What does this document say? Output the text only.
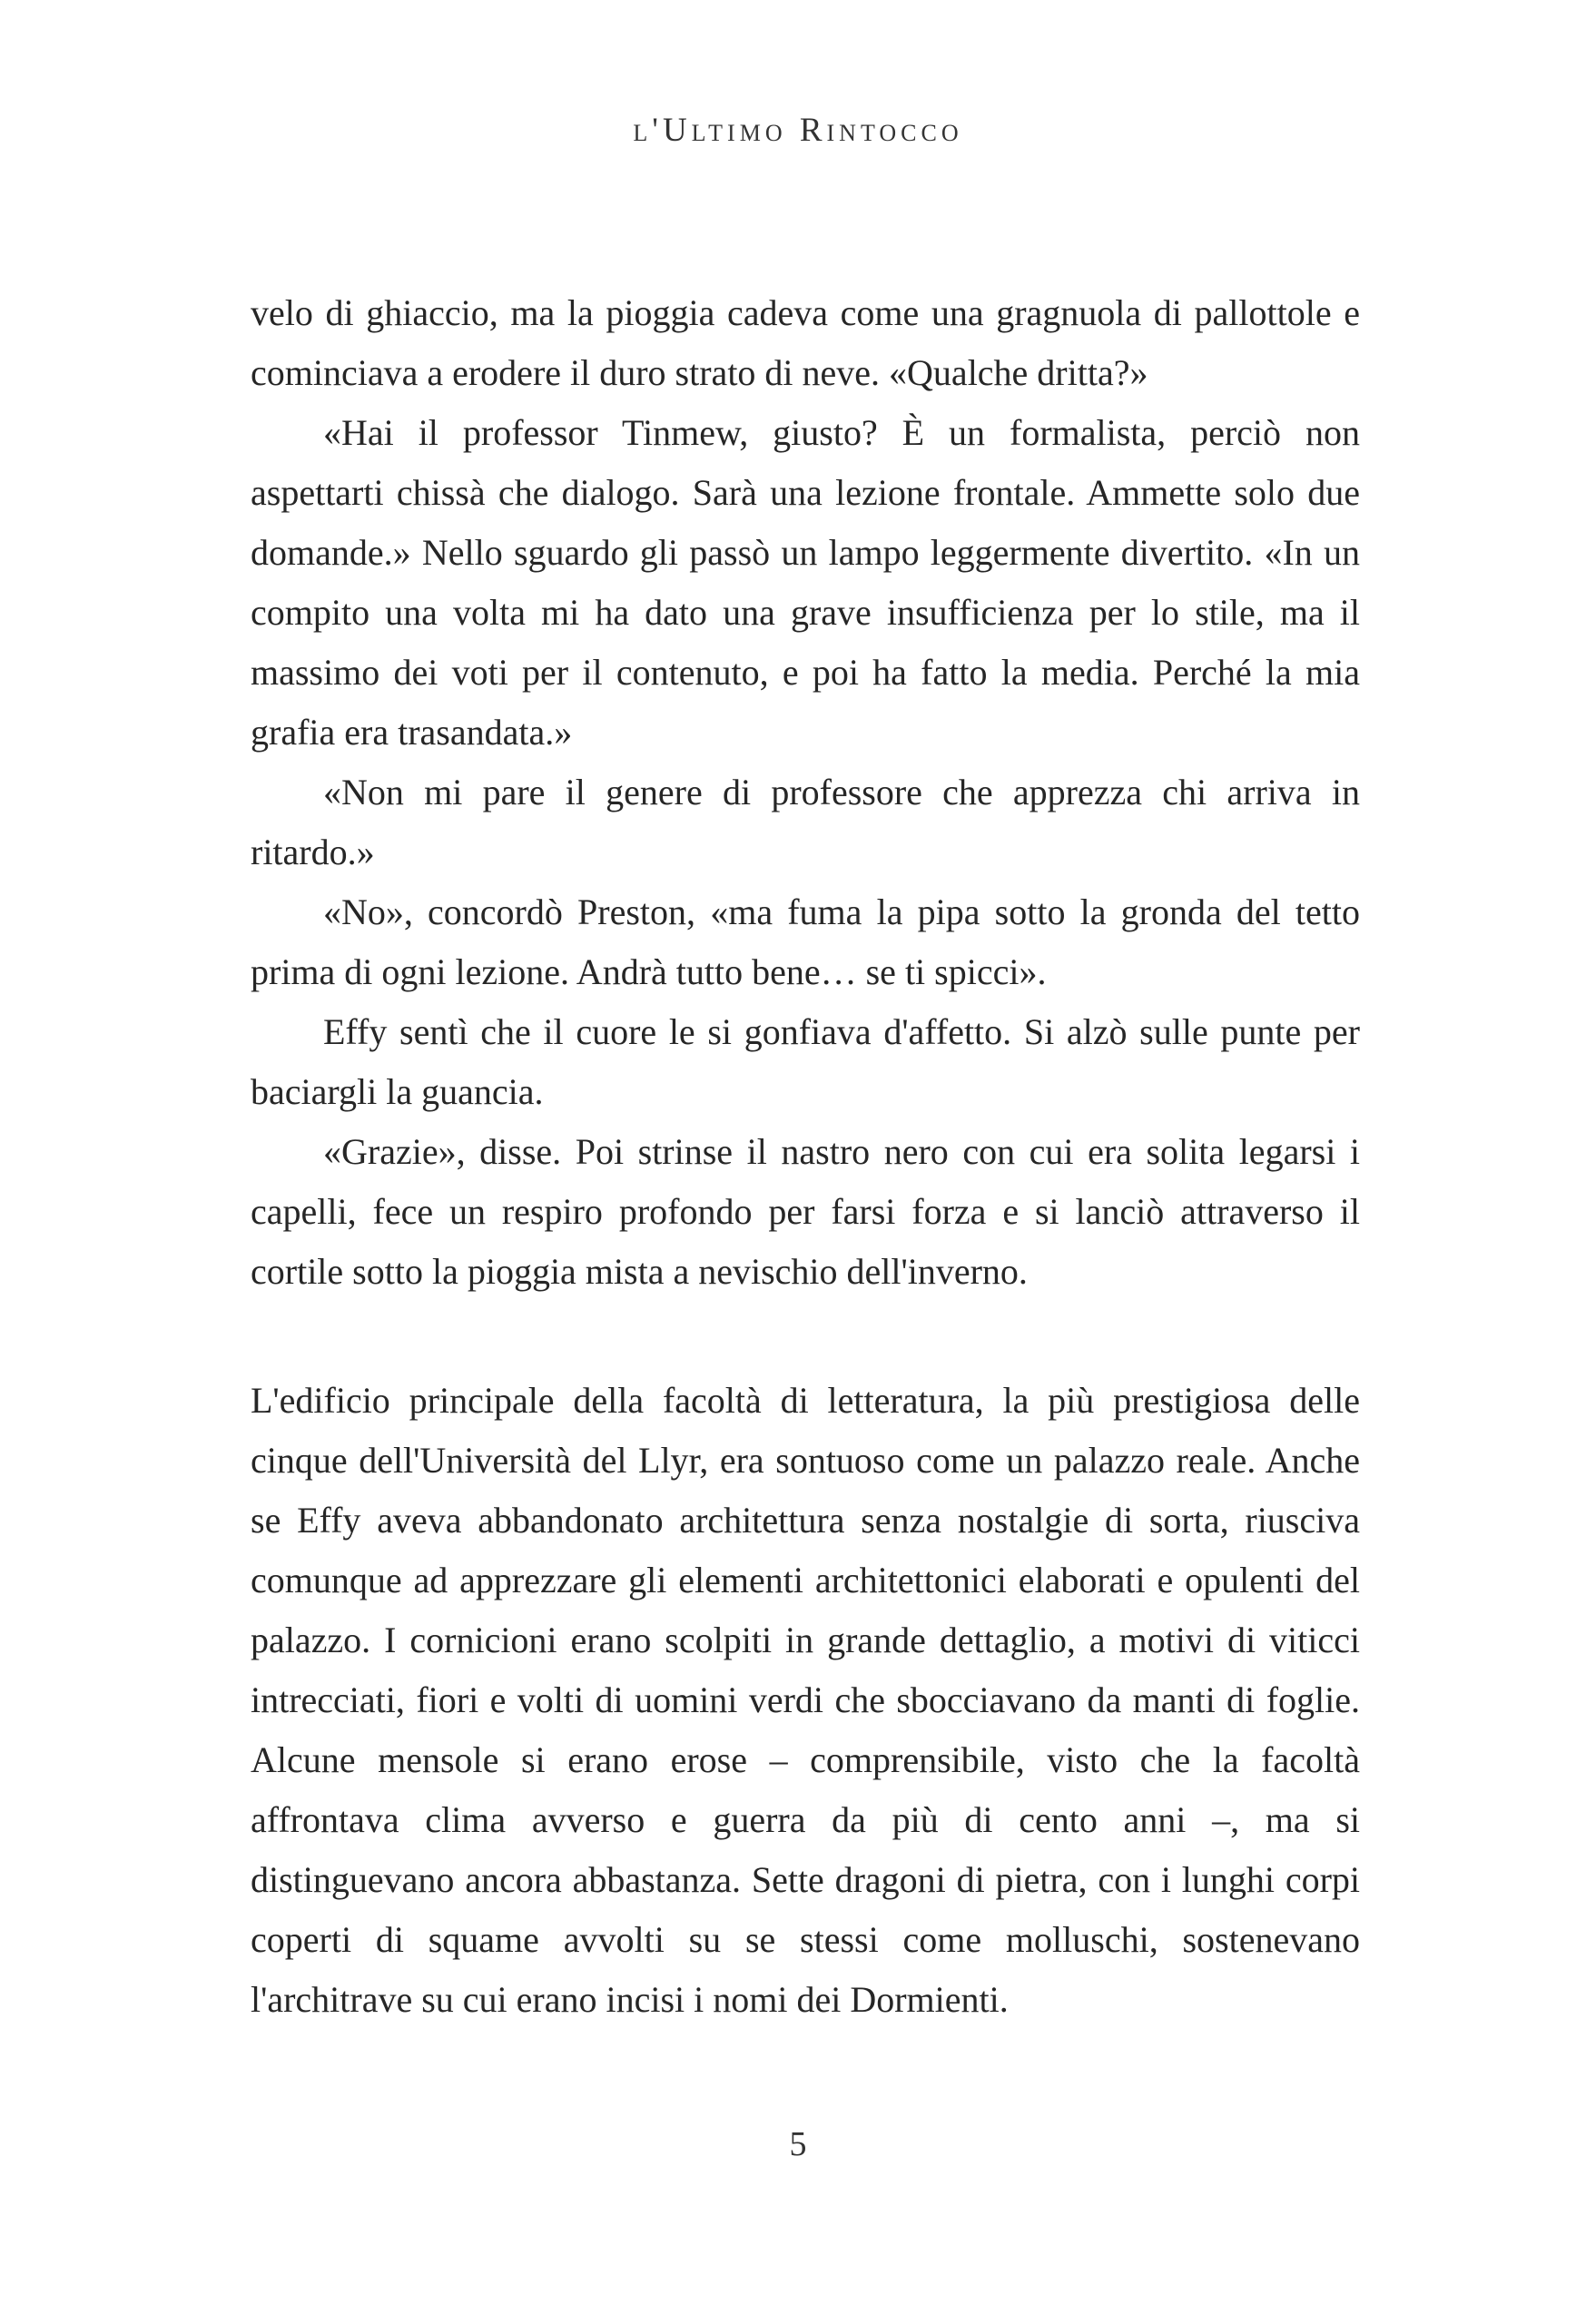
l'Ultimo Rintocco

velo di ghiaccio, ma la pioggia cadeva come una gragnuola di pallottole e cominciava a erodere il duro strato di neve. «Qualche dritta?»

«Hai il professor Tinmew, giusto? È un formalista, perciò non aspettarti chissà che dialogo. Sarà una lezione frontale. Ammette solo due domande.» Nello sguardo gli passò un lampo leggermente divertito. «In un compito una volta mi ha dato una grave insufficienza per lo stile, ma il massimo dei voti per il contenuto, e poi ha fatto la media. Perché la mia grafia era trasandata.»

«Non mi pare il genere di professore che apprezza chi arriva in ritardo.»

«No», concordò Preston, «ma fuma la pipa sotto la gronda del tetto prima di ogni lezione. Andrà tutto bene… se ti spicci».

Effy sentì che il cuore le si gonfiava d'affetto. Si alzò sulle punte per baciargli la guancia.

«Grazie», disse. Poi strinse il nastro nero con cui era solita legarsi i capelli, fece un respiro profondo per farsi forza e si lanciò attraverso il cortile sotto la pioggia mista a nevischio dell'inverno.

L'edificio principale della facoltà di letteratura, la più prestigiosa delle cinque dell'Università del Llyr, era sontuoso come un palazzo reale. Anche se Effy aveva abbandonato architettura senza nostalgie di sorta, riusciva comunque ad apprezzare gli elementi architettonici elaborati e opulenti del palazzo. I cornicioni erano scolpiti in grande dettaglio, a motivi di viticci intrecciati, fiori e volti di uomini verdi che sbocciavano da manti di foglie. Alcune mensole si erano erose – comprensibile, visto che la facoltà affrontava clima avverso e guerra da più di cento anni –, ma si distinguevano ancora abbastanza. Sette dragoni di pietra, con i lunghi corpi coperti di squame avvolti su se stessi come molluschi, sostenevano l'architrave su cui erano incisi i nomi dei Dormienti.

5
